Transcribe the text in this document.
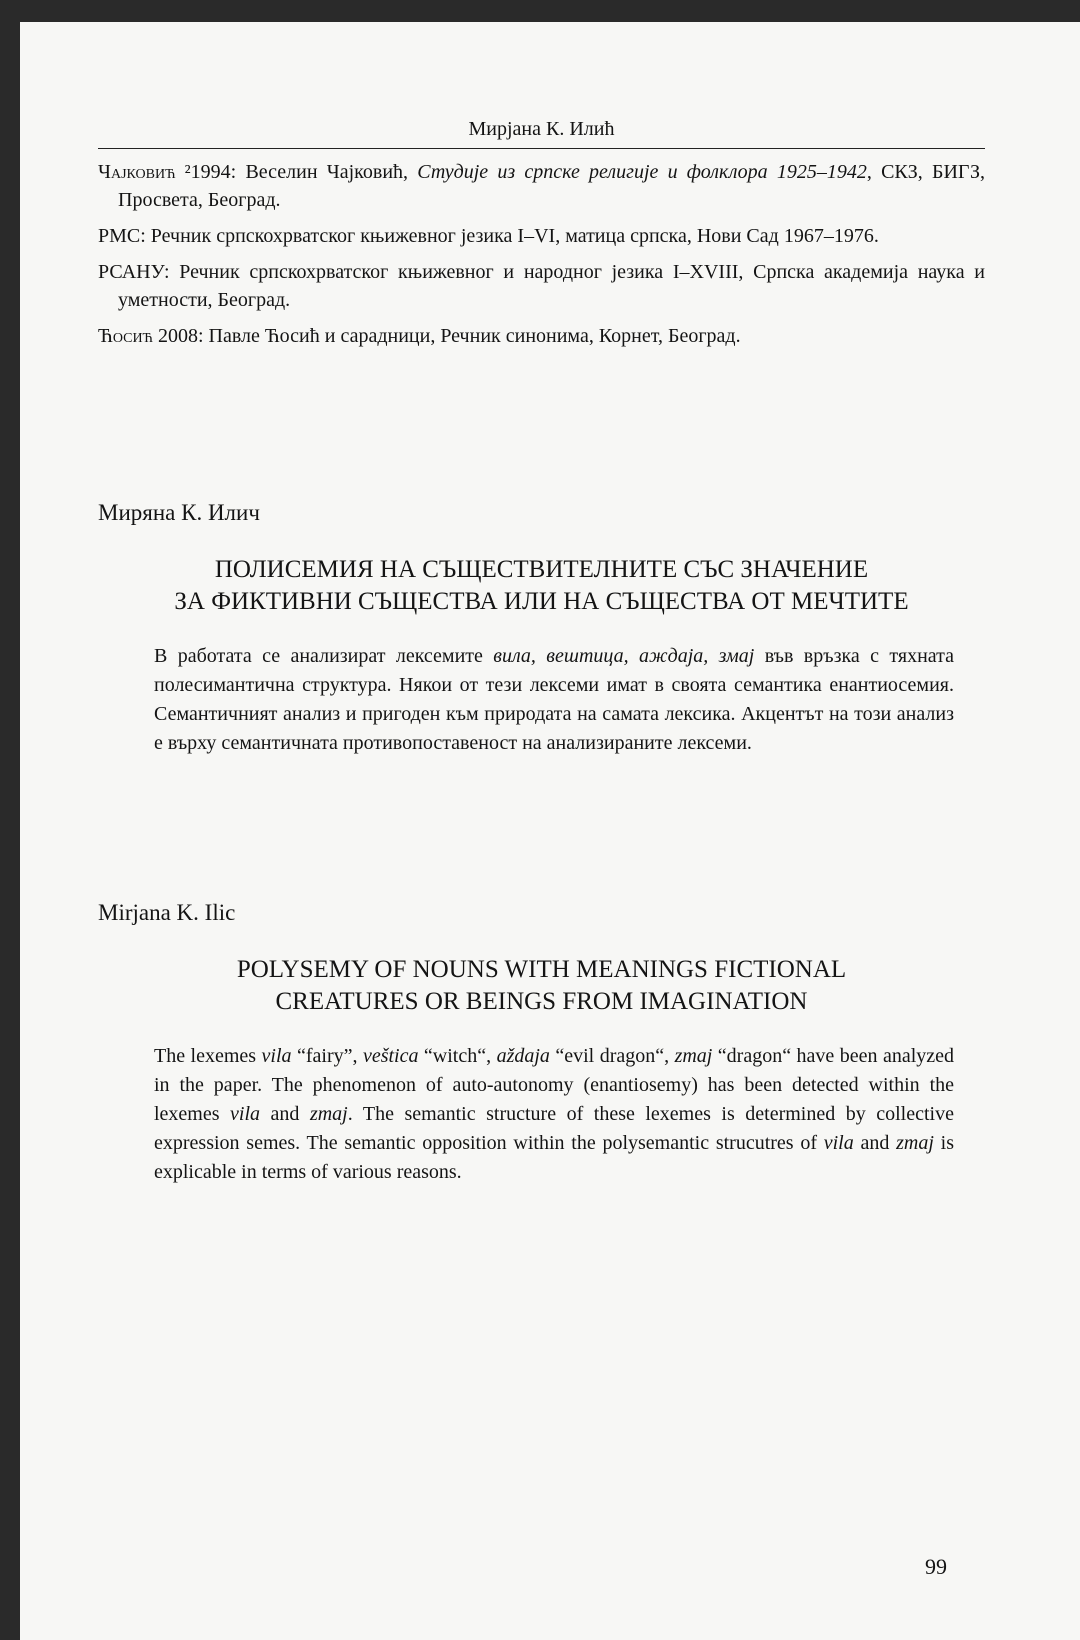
Мирјана К. Илић

Чајковић ²1994: Веселин Чајковић, Студије из српске религије и фолклора 1925–1942, СКЗ, БИГЗ, Просвета, Београд.

РМС: Речник српскохрватског књижевног језика I–VI, матица српска, Нови Сад 1967–1976.

РСАНУ: Речник српскохрватског књижевног и народног језика I–XVIII, Српска академија наука и уметности, Београд.

Ћосић 2008: Павле Ћосић и сарадници, Речник синонима, Корнет, Београд.

Миряна К. Илич
ПОЛИСЕМИЯ НА СЪЩЕСТВИТЕЛНИТЕ СЪС ЗНАЧЕНИЕ
ЗА ФИКТИВНИ СЪЩЕСТВА ИЛИ НА СЪЩЕСТВА ОТ МЕЧТИТЕ
В работата се анализират лексемите вила, вештица, аждаја, змај във връзка с тяхната полесимантична структура. Някои от тези лексеми имат в своята семантика енантиосемия. Семантичният анализ и пригоден към природата на самата лексика. Акцентът на този анализ е върху семантичната противопоставеност на анализираните лексеми.
Mirjana K. Ilic
POLYSEMY OF NOUNS WITH MEANINGS FICTIONAL
CREATURES OR BEINGS FROM IMAGINATION
The lexemes vila “fairy”, veštica “witch“, aždaja “evil dragon“, zmaj “dragon“ have been analyzed in the paper. The phenomenon of auto-autonomy (enantiosemy) has been detected within the lexemes vila and zmaj. The semantic structure of these lexemes is determined by collective expression semes. The semantic opposition within the polysemantic strucutres of vila and zmaj is explicable in terms of various reasons.
99
